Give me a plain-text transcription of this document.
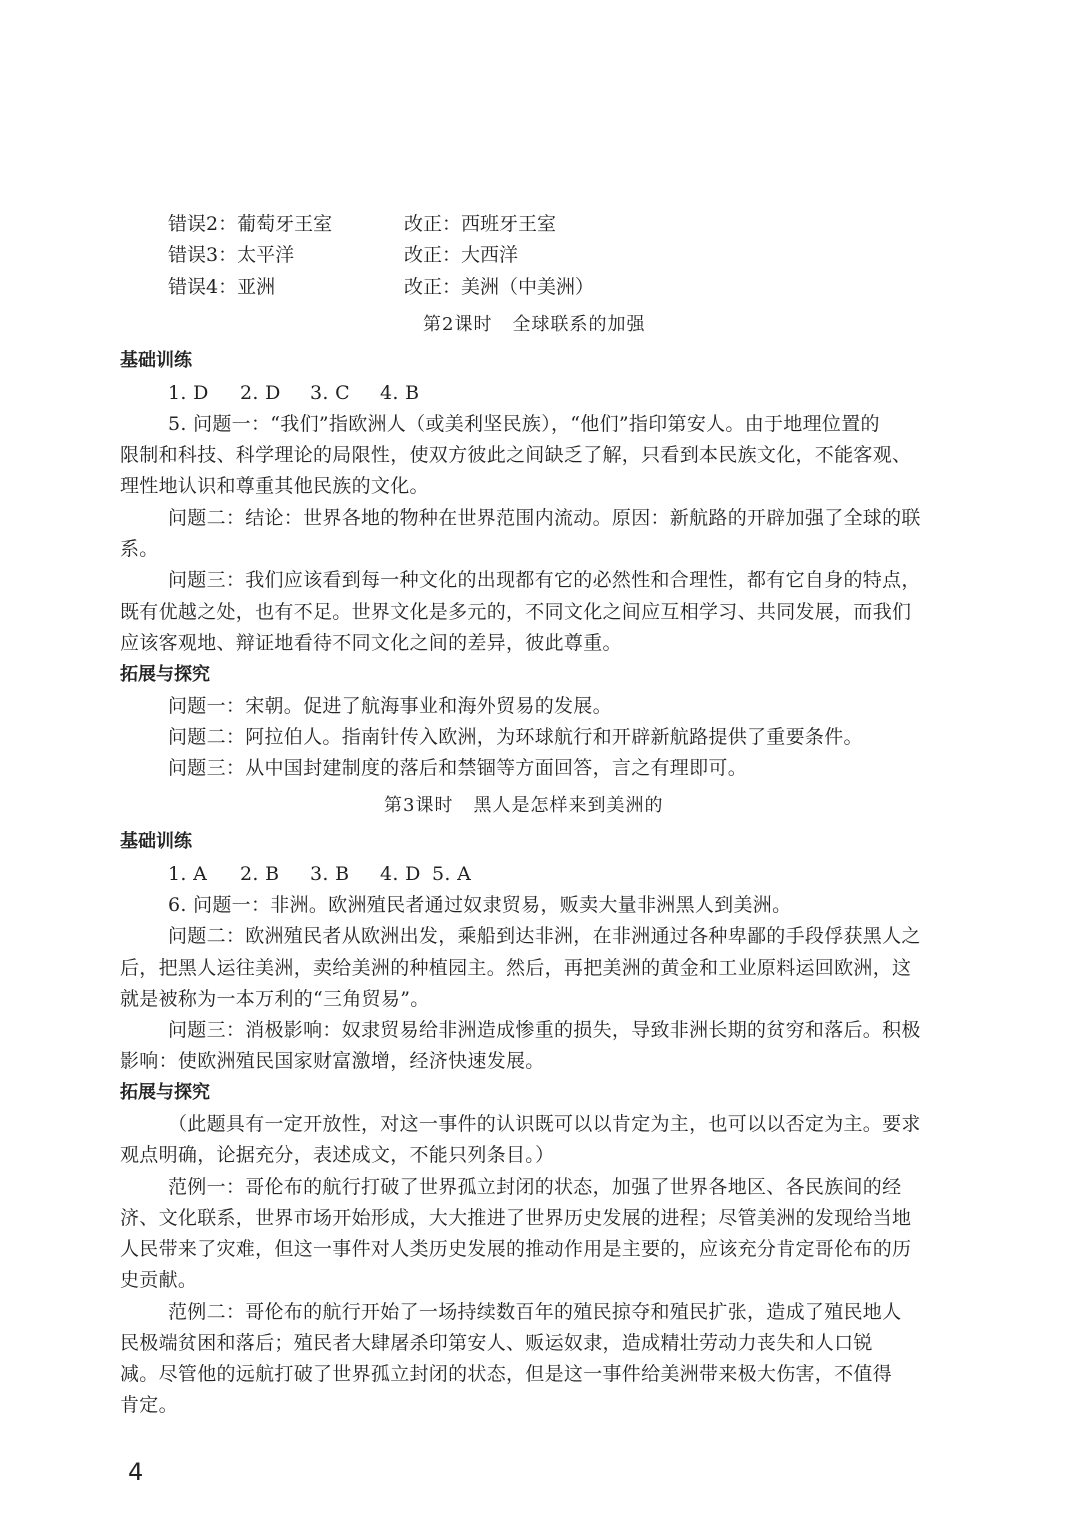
错误2：葡萄牙王室	改正：西班牙王室
错误3：太平洋	改正：大西洋
错误4：亚洲	改正：美洲（中美洲）
第2课时 全球联系的加强
基础训练
1. D 2. D 3. C 4. B
5. 问题一：“我们”指欧洲人（或美利坚民族），“他们”指印第安人。由于地理位置的
限制和科技、科学理论的局限性，使双方彼此之间缺乏了解，只看到本民族文化，不能客观、
理性地认识和尊重其他民族的文化。
问题二：结论：世界各地的物种在世界范围内流动。原因：新航路的开辟加强了全球的联
系。
问题三：我们应该看到每一种文化的出现都有它的必然性和合理性，都有它自身的特点，
既有优越之处，也有不足。世界文化是多元的，不同文化之间应互相学习、共同发展，而我们
应该客观地、辩证地看待不同文化之间的差异，彼此尊重。
拓展与探究
问题一：宋朝。促进了航海事业和海外贸易的发展。
问题二：阿拉伯人。指南针传入欧洲，为环球航行和开辟新航路提供了重要条件。
问题三：从中国封建制度的落后和禁锢等方面回答，言之有理即可。
第3课时 黑人是怎样来到美洲的
基础训练
1. A 2. B 3. B 4. D 5. A
6. 问题一：非洲。欧洲殖民者通过奴隶贸易，贩卖大量非洲黑人到美洲。
问题二：欧洲殖民者从欧洲出发，乘船到达非洲，在非洲通过各种卑鄙的手段俘获黑人之
后，把黑人运往美洲，卖给美洲的种植园主。然后，再把美洲的黄金和工业原料运回欧洲，这
就是被称为一本万利的“三角贸易”。
问题三：消极影响：奴隶贸易给非洲造成惨重的损失，导致非洲长期的贫穷和落后。积极
影响：使欧洲殖民国家财富激增，经济快速发展。
拓展与探究
（此题具有一定开放性，对这一事件的认识既可以以肯定为主，也可以以否定为主。要求
观点明确，论据充分，表述成文，不能只列条目。）
范例一：哥伦布的航行打破了世界孤立封闭的状态，加强了世界各地区、各民族间的经
济、文化联系，世界市场开始形成，大大推进了世界历史发展的进程；尽管美洲的发现给当地
人民带来了灾难，但这一事件对人类历史发展的推动作用是主要的，应该充分肯定哥伦布的历
史贡献。
范例二：哥伦布的航行开始了一场持续数百年的殖民掠夺和殖民扩张，造成了殖民地人
民极端贫困和落后；殖民者大肆屠杀印第安人、贩运奴隶，造成精壮劳动力丧失和人口锐
减。尽管他的远航打破了世界孤立封闭的状态，但是这一事件给美洲带来极大伤害，不值得
肯定。
4
